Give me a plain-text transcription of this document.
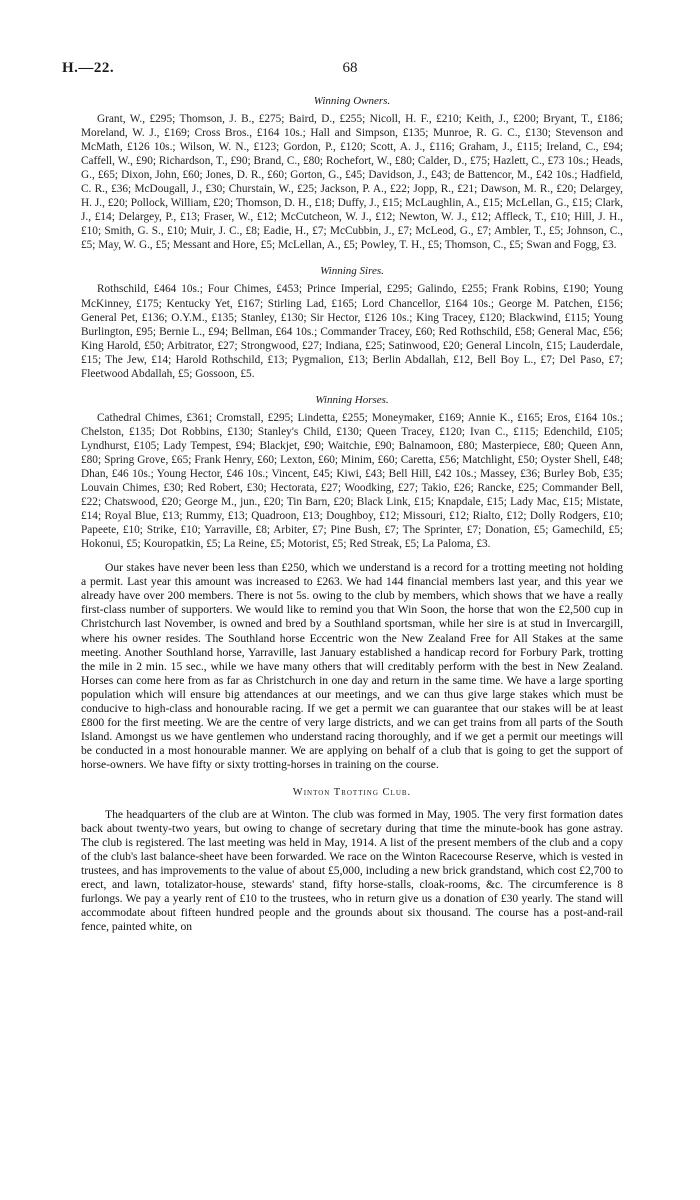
H.—22.	68
Winning Owners.

Grant, W., £295; Thomson, J. B., £275; Baird, D., £255; Nicoll, H. F., £210; Keith, J., £200; Bryant, T., £186; Moreland, W. J., £169; Cross Bros., £164 10s.; Hall and Simpson, £135; Munroe, R. G. C., £130; Stevenson and McMath, £126 10s.; Wilson, W. N., £123; Gordon, P., £120; Scott, A. J., £116; Graham, J., £115; Ireland, C., £94; Caffell, W., £90; Richardson, T., £90; Brand, C., £80; Rochefort, W., £80; Calder, D., £75; Hazlett, C., £73 10s.; Heads, G., £65; Dixon, John, £60; Jones, D. R., £60; Gorton, G., £45; Davidson, J., £43; de Battencor, M., £42 10s.; Hadfield, C. R., £36; McDougall, J., £30; Churstain, W., £25; Jackson, P. A., £22; Jopp, R., £21; Dawson, M. R., £20; Delargey, H. J., £20; Pollock, William, £20; Thomson, D. H., £18; Duffy, J., £15; McLaughlin, A., £15; McLellan, G., £15; Clark, J., £14; Delargey, P., £13; Fraser, W., £12; McCutcheon, W. J., £12; Newton, W. J., £12; Affleck, T., £10; Hill, J. H., £10; Smith, G. S., £10; Muir, J. C., £8; Eadie, H., £7; McCubbin, J., £7; McLeod, G., £7; Ambler, T., £5; Johnson, C., £5; May, W. G., £5; Messant and Hore, £5; McLellan, A., £5; Powley, T. H., £5; Thomson, C., £5; Swan and Fogg, £3.

Winning Sires.

Rothschild, £464 10s.; Four Chimes, £453; Prince Imperial, £295; Galindo, £255; Frank Robins, £190; Young McKinney, £175; Kentucky Yet, £167; Stirling Lad, £165; Lord Chancellor, £164 10s.; George M. Patchen, £156; General Pet, £136; O.Y.M., £135; Stanley, £130; Sir Hector, £126 10s.; King Tracey, £120; Blackwind, £115; Young Burlington, £95; Bernie L., £94; Bellman, £64 10s.; Commander Tracey, £60; Red Rothschild, £58; General Mac, £56; King Harold, £50; Arbitrator, £27; Strongwood, £27; Indiana, £25; Satinwood, £20; General Lincoln, £15; Lauderdale, £15; The Jew, £14; Harold Rothschild, £13; Pygmalion, £13; Berlin Abdallah, £12, Bell Boy L., £7; Del Paso, £7; Fleetwood Abdallah, £5; Gossoon, £5.

Winning Horses.

Cathedral Chimes, £361; Cromstall, £295; Lindetta, £255; Moneymaker, £169; Annie K., £165; Eros, £164 10s.; Chelston, £135; Dot Robbins, £130; Stanley's Child, £130; Queen Tracey, £120; Ivan C., £115; Edenchild, £105; Lyndhurst, £105; Lady Tempest, £94; Blackjet, £90; Waitchie, £90; Balnamoon, £80; Masterpiece, £80; Queen Ann, £80; Spring Grove, £65; Frank Henry, £60; Lexton, £60; Minim, £60; Caretta, £56; Matchlight, £50; Oyster Shell, £48; Dhan, £46 10s.; Young Hector, £46 10s.; Vincent, £45; Kiwi, £43; Bell Hill, £42 10s.; Massey, £36; Burley Bob, £35; Louvain Chimes, £30; Red Robert, £30; Hectorata, £27; Woodking, £27; Takio, £26; Rancke, £25; Commander Bell, £22; Chatswood, £20; George M., jun., £20; Tin Barn, £20; Black Link, £15; Knapdale, £15; Lady Mac, £15; Mistate, £14; Royal Blue, £13; Rummy, £13; Quadroon, £13; Doughboy, £12; Missouri, £12; Rialto, £12; Dolly Rodgers, £10; Papeete, £10; Strike, £10; Yarraville, £8; Arbiter, £7; Pine Bush, £7; The Sprinter, £7; Donation, £5; Gamechild, £5; Hokonui, £5; Kouropatkin, £5; La Reine, £5; Motorist, £5; Red Streak, £5; La Paloma, £3.

Our stakes have never been less than £250, which we understand is a record for a trotting meeting not holding a permit. Last year this amount was increased to £263. We had 144 financial members last year, and this year we already have over 200 members. There is not 5s. owing to the club by members, which shows that we have a really first-class number of supporters. We would like to remind you that Win Soon, the horse that won the £2,500 cup in Christchurch last November, is owned and bred by a Southland sportsman, while her sire is at stud in Invercargill, where his owner resides. The Southland horse Eccentric won the New Zealand Free for All Stakes at the same meeting. Another Southland horse, Yarraville, last January established a handicap record for Forbury Park, trotting the mile in 2 min. 15 sec., while we have many others that will creditably perform with the best in New Zealand. Horses can come here from as far as Christchurch in one day and return in the same time. We have a large sporting population which will ensure big attendances at our meetings, and we can thus give large stakes which must be conducive to high-class and honourable racing. If we get a permit we can guarantee that our stakes will be at least £800 for the first meeting. We are the centre of very large districts, and we can get trains from all parts of the South Island. Amongst us we have gentlemen who understand racing thoroughly, and if we get a permit our meetings will be conducted in a most honourable manner. We are applying on behalf of a club that is going to get the support of horse-owners. We have fifty or sixty trotting-horses in training on the course.

Winton Trotting Club.

The headquarters of the club are at Winton. The club was formed in May, 1905. The very first formation dates back about twenty-two years, but owing to change of secretary during that time the minute-book has gone astray. The club is registered. The last meeting was held in May, 1914. A list of the present members of the club and a copy of the club's last balance-sheet have been forwarded. We race on the Winton Racecourse Reserve, which is vested in trustees, and has improvements to the value of about £5,000, including a new brick grandstand, which cost £2,700 to erect, and lawn, totalizator-house, stewards' stand, fifty horse-stalls, cloak-rooms, &c. The circumference is 8 furlongs. We pay a yearly rent of £10 to the trustees, who in return give us a donation of £30 yearly. The stand will accommodate about fifteen hundred people and the grounds about six thousand. The course has a post-and-rail fence, painted white, on
